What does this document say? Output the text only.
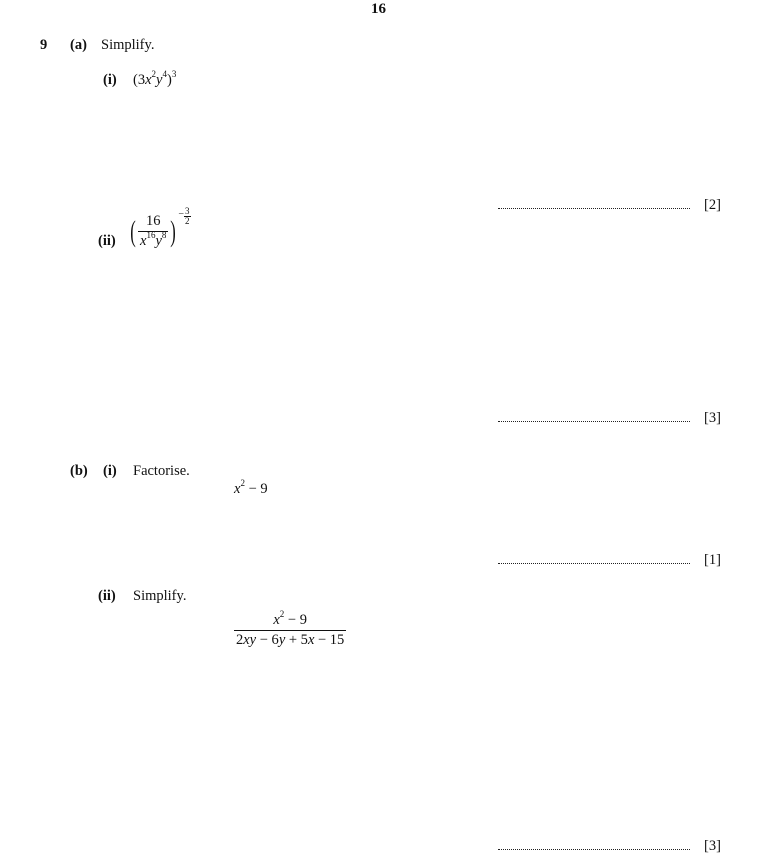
16
9 (a) Simplify.
(i) $(3x^2y^4)^3$
[2]
(ii) ( $\frac{16}{x^{16}y^8}$ ) − $\frac{3}{2}$
[3]
(b) (i) Factorise.
$x^2 - 9$
[1]
(ii) Simplify.
$\frac{x^2 - 9}{2xy - 6y + 5x - 15}$
[3]
